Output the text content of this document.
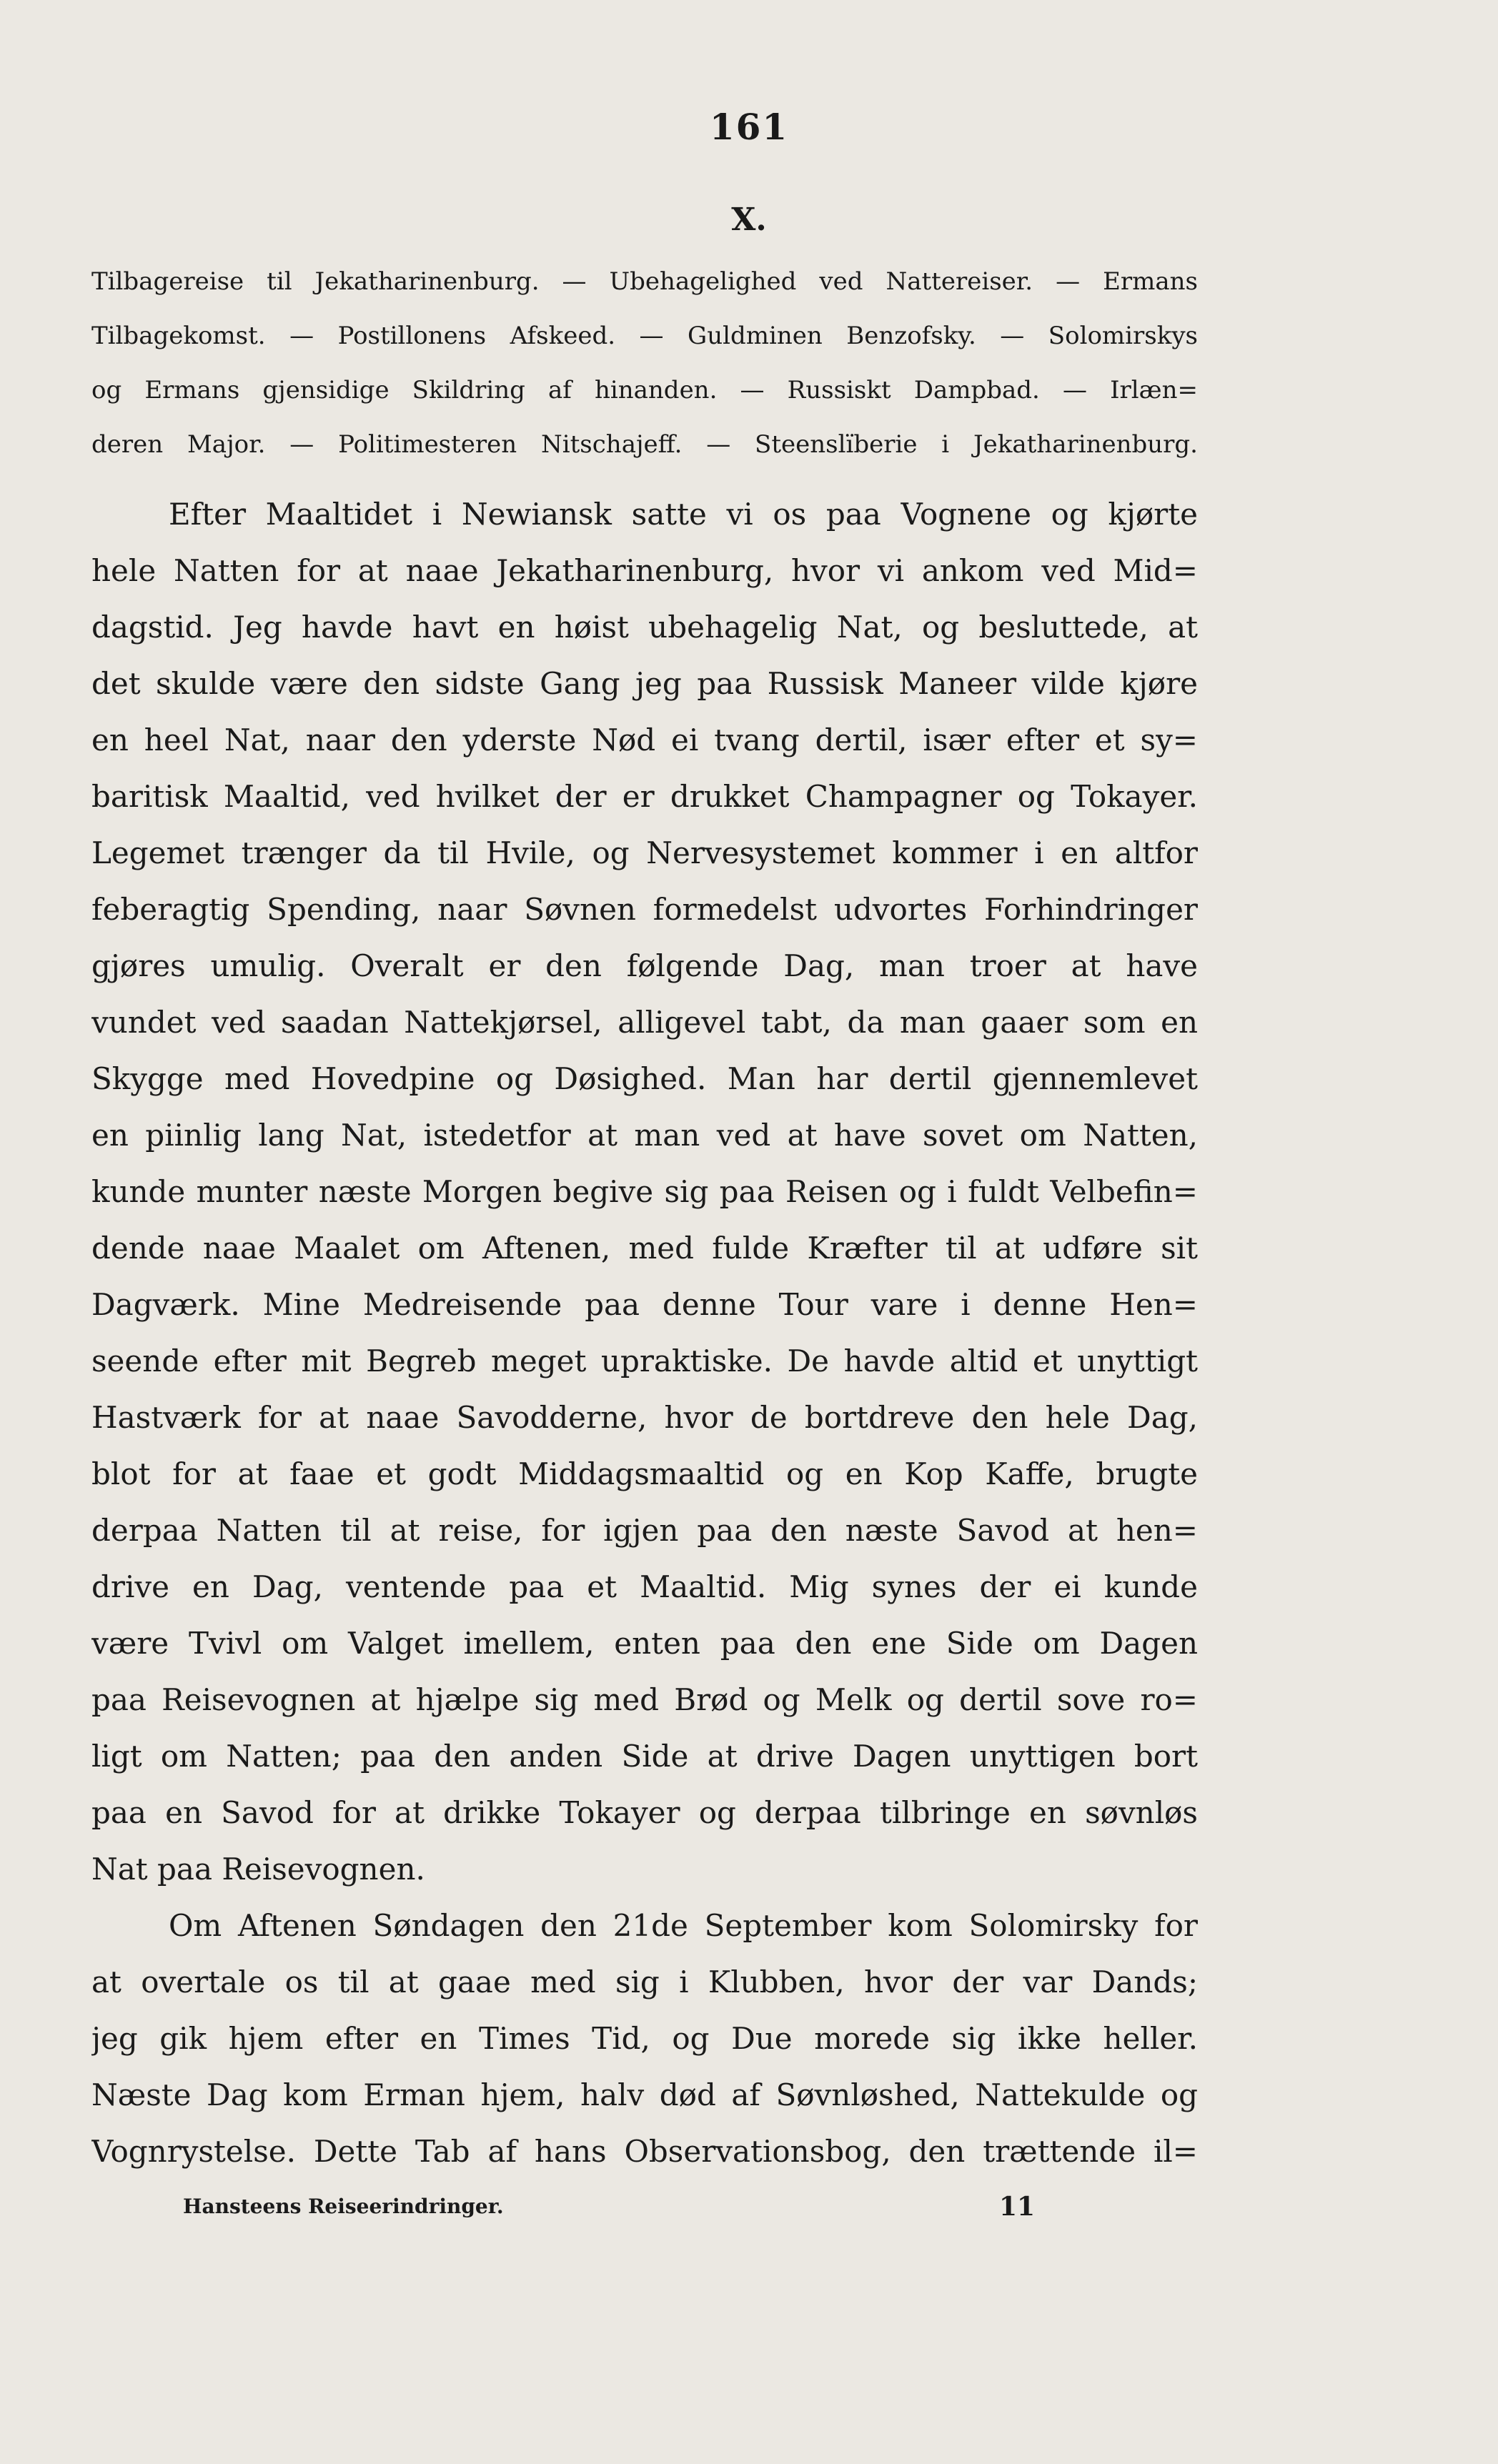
161
X.
Tilbagereise til Jekatharinenburg. — Ubehagelighed ved Nattereiser. — Ermans
Tilbagekomst. — Postillonens Afskeed. — Guldminen Benzofsky. — Solomirskys
og Ermans gjensidige Skildring af hinanden. — Russiskt Dampbad. — Irlæn=
deren Major. — Politimesteren Nitschajeff. — Steenslïberie i Jekatharinenburg.
Efter Maaltidet i Newiansk satte vi os paa Vognene og kjørte
hele Natten for at naae Jekatharinenburg, hvor vi ankom ved Mid=
dagstid. Jeg havde havt en høist ubehagelig Nat, og besluttede, at
det skulde være den sidste Gang jeg paa Russisk Maneer vilde kjøre
en heel Nat, naar den yderste Nød ei tvang dertil, især efter et sy=
baritisk Maaltid, ved hvilket der er drukket Champagner og Tokayer.
Legemet trænger da til Hvile, og Nervesystemet kommer i en altfor
feberagtig Spending, naar Søvnen formedelst udvortes Forhindringer
gjøres umulig. Overalt er den følgende Dag, man troer at have
vundet ved saadan Nattekjørsel, alligevel tabt, da man gaaer som en
Skygge med Hovedpine og Døsighed. Man har dertil gjennemlevet
en piinlig lang Nat, istedetfor at man ved at have sovet om Natten,
kunde munter næste Morgen begive sig paa Reisen og i fuldt Velbefin=
dende naae Maalet om Aftenen, med fulde Kræfter til at udføre sit
Dagværk. Mine Medreisende paa denne Tour vare i denne Hen=
seende efter mit Begreb meget upraktiske. De havde altid et unyttigt
Hastværk for at naae Savodderne, hvor de bortdreve den hele Dag,
blot for at faae et godt Middagsmaaltid og en Kop Kaffe, brugte
derpaa Natten til at reise, for igjen paa den næste Savod at hen=
drive en Dag, ventende paa et Maaltid. Mig synes der ei kunde
være Tvivl om Valget imellem, enten paa den ene Side om Dagen
paa Reisevognen at hjælpe sig med Brød og Melk og dertil sove ro=
ligt om Natten; paa den anden Side at drive Dagen unyttigen bort
paa en Savod for at drikke Tokayer og derpaa tilbringe en søvnløs
Nat paa Reisevognen.
Om Aftenen Søndagen den 21de September kom Solomirsky for
at overtale os til at gaae med sig i Klubben, hvor der var Dands;
jeg gik hjem efter en Times Tid, og Due morede sig ikke heller.
Næste Dag kom Erman hjem, halv død af Søvnløshed, Nattekulde og
Vognrystelse. Dette Tab af hans Observationsbog, den trættende il=
Hansteens Reiseerindringer.	11
